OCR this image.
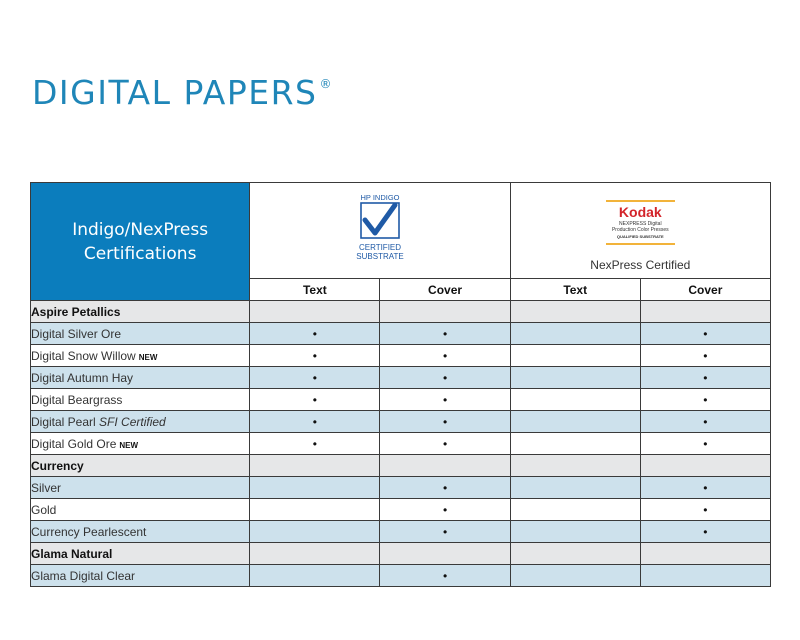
DIGITAL PAPERS ®
Indigo/NexPress
Certifications	HP INDIGO
CERTIFIED
SUBSTRATE		Kodak
NEXPRESS Digital
Production Color Presses
QUALIFIED SUBSTRATE
NexPress Certified	

	Text	Cover	Text	Cover
Aspire Petallics				
Digital Silver Ore	•	•		•
Digital Snow Willow NEW	•	•		•
Digital Autumn Hay	•	•		•
Digital Beargrass	•	•		•
Digital Pearl SFI Certified	•	•		•
Digital Gold Ore NEW	•	•		•
Currency				
Silver		•		•
Gold		•		•
Currency Pearlescent		•		•
Glama Natural				
Glama Digital Clear		•		
